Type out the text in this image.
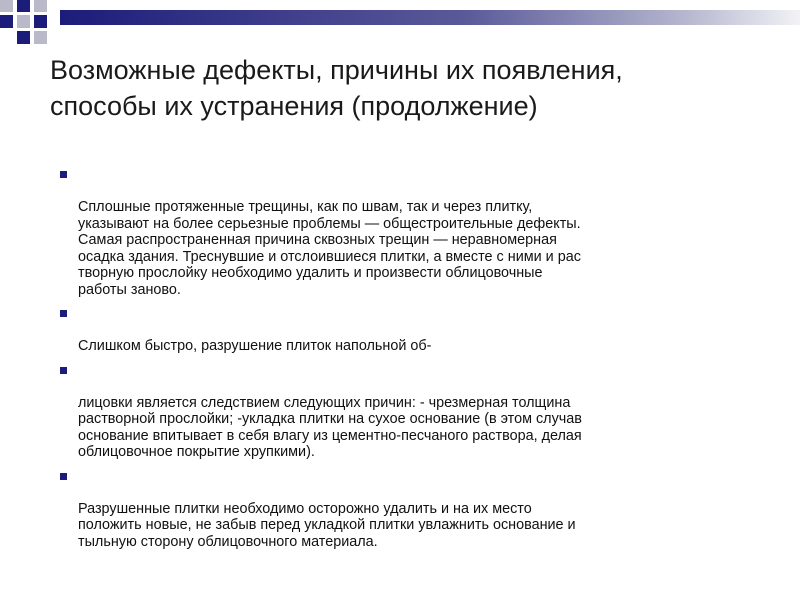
Возможные дефекты, причины их появления,
способы их устранения (продолжение)

Сплошные протяженные трещины, как по швам, так и через плитку,
указывают на более серьезные проблемы — общестроительные дефекты.
Самая распространенная причина сквозных трещин — неравномерная
осадка здания. Треснувшие и отслоившиеся плитки, а вместе с ними и рас
творную прослойку необходимо удалить и произвести облицовочные
работы заново.

Слишком быстро, разрушение плиток напольной об-

лицовки является следствием следующих причин: - чрезмерная толщина
растворной прослойки; -укладка плитки на сухое основание (в этом случав
основание впитывает в себя влагу из цементно-песчаного раствора, делая
облицовочное покрытие хрупкими).

Разрушенные плитки необходимо осторожно удалить и на их место
положить новые, не забыв перед укладкой плитки увлажнить основание и
тыльную сторону облицовочного материала.
